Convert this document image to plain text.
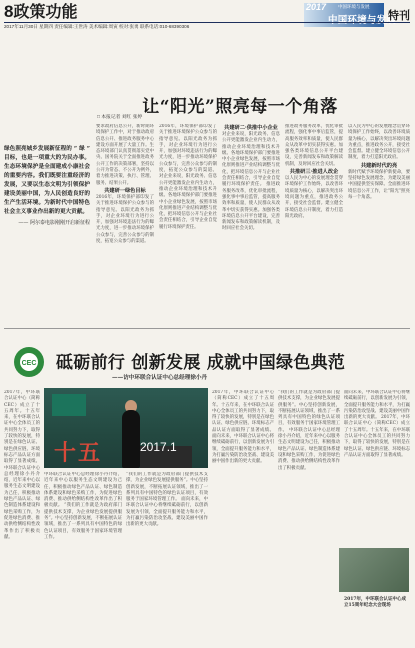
8政策功能	2017	中国环境与发展
中国环境与发展
特刊
2017年11月30日 星期四 责任编辑:王世涛 美术编辑:周寅 校对:张勇 联系电话:010-68390306

绿色照亮城乡发展新征程的 “ 绿 ” 目标，也是一项重大的为民办事。生态环境保护是全面建成小康社会的重要内容。我们既要注重经济的发展，又要以生态文明为引领保护建设美丽中国，为人民创造良好的生产生活环境。为新时代中国特色社会主义事业作出新的更大贡献。

—— 阿尔泰电影刚刚开启新征程

让“阳光”照亮每一个角落
□ 本报记者 刘红 张婷
要求政府信息公开，新时期环境保护工作中，对于推动政府信息公开、推进政务服务中心建设方面开展了大量工作。生态环境部门认真贯彻落实党中央、国务院关于全面推进政务公开工作的决策部署，坚持以公开为常态、不公开为例外，着力推进决策、执行、管理、服务、结果公开。
共建研一绿色目标
2016年，环境保护部印发了关于推进环境保护公众参与的指导意见。以阳光政务为抓手，对企业环境行为进行公开，加强对环境违法行为的曝光力度，进一步推动环境保护公众参与，完善公众参与的制度，拓宽公众参与的渠道。
2016年，环境保护部印发了关于推进环境保护公众参与的指导意见。以阳光政务为抓手，对企业环境行为进行公开，加强对环境违法行为的曝光力度，进一步推动环境保护公众参与，完善公众参与的制度，拓宽公众参与的渠道。 对企业来说，阳光政务、信息公开更能激发企业内生动力，推动企业环境治理和技术升级。各地环境保护部门要推进中小企业绿色发展，按照市场化原则推进产业结构调整与优化，把环境信息公开与企业社会责任相结合，引导企业自觉履行环境保护责任。
共建研二·供推中小企业
对企业来说，阳光政务、信息公开更能激发企业内生动力，推动企业环境治理和技术升级。各地环境保护部门要推进中小企业绿色发展，按照市场化原则推进产业结构调整与优化，把环境信息公开与企业社会责任相结合，引导企业自觉履行环境保护责任。 推进政务服务改革，优化审批流程，强化事中事后监管，提高服务效率和质量，使人民群众从改革中切实获得实惠。加强各类环境信息公开平台建设，完善新闻发布和政策解读机制，及时回应社会关切。
推进政务服务改革，优化审批流程，强化事中事后监管，提高服务效率和质量，使人民群众从改革中切实获得实惠。加强各类环境信息公开平台建设，完善新闻发布和政策解读机制，及时回应社会关切。
共推研三·推进人改企
以人民为中心的发展理念贯穿环境保护工作始终，以改善环境质量为核心，以解决突出环境问题为重点，推进政务公开，接受社会监督。建立健全环境信息公开制度，着力打造阳光政府。
以人民为中心的发展理念贯穿环境保护工作始终，以改善环境质量为核心，以解决突出环境问题为重点，推进政务公开，接受社会监督。建立健全环境信息公开制度，着力打造阳光政府。
共建新时代的亮
新时代赋予环境保护新使命，要坚持绿色发展理念，为建设美丽中国提供坚实保障。全面推进环境信息公开工作，让“阳光”照亮每一个角落。
CEC	砥砺前行 创新发展 成就中国绿色典范
——访中环联合认证中心总经理徐小丹
2017年，中环联合认证中心（简称CEC）成立了十五周年。十五年来，在中环联合认证中心全体员工的共同努力下，取得了较快的发展，特别是在绿色认证、绿色供应链、环境标志产品认证方面取得了显著成绩。 中环联合认证中心总经理徐小丹介绍，近年来中心以服务生态文明建设为己任，积极推动绿色产品认证、绿色制造体系建设和绿色采购工作，为促进绿色消费、推动供给侧结构性改革作出了积极贡献。
十五	2017.1
中环联合认证中心总经理徐小丹介绍，近年来中心以服务生态文明建设为己任，积极推动绿色产品认证、绿色制造体系建设和绿色采购工作，为促进绿色消费、推动供给侧结构性改革作出了积极贡献。 “我们的工作就是为政府部门提供技术支撑，为企业绿色发展提供服务”。中心坚持创新发展，不断拓展认证领域，推出了一系列具有中国特色的绿色认证项目，有效服务于国家环境管理工作。
“我们的工作就是为政府部门提供技术支撑，为企业绿色发展提供服务”。中心坚持创新发展，不断拓展认证领域，推出了一系列具有中国特色的绿色认证项目，有效服务于国家环境管理工作。 面向未来，中环联合认证中心将继续砥砺前行，以创新发展为引领，全面提升服务能力和水平，为打赢污染防治攻坚战、建设美丽中国作出新的更大贡献。
2017年，中环联合认证中心（简称CEC）成立了十五周年。十五年来，在中环联合认证中心全体员工的共同努力下，取得了较快的发展，特别是在绿色认证、绿色供应链、环境标志产品认证方面取得了显著成绩。 面向未来，中环联合认证中心将继续砥砺前行，以创新发展为引领，全面提升服务能力和水平，为打赢污染防治攻坚战、建设美丽中国作出新的更大贡献。
“我们的工作就是为政府部门提供技术支撑，为企业绿色发展提供服务”。中心坚持创新发展，不断拓展认证领域，推出了一系列具有中国特色的绿色认证项目，有效服务于国家环境管理工作。 中环联合认证中心总经理徐小丹介绍，近年来中心以服务生态文明建设为己任，积极推动绿色产品认证、绿色制造体系建设和绿色采购工作，为促进绿色消费、推动供给侧结构性改革作出了积极贡献。
面向未来，中环联合认证中心将继续砥砺前行，以创新发展为引领，全面提升服务能力和水平，为打赢污染防治攻坚战、建设美丽中国作出新的更大贡献。 2017年，中环联合认证中心（简称CEC）成立了十五周年。十五年来，在中环联合认证中心全体员工的共同努力下，取得了较快的发展，特别是在绿色认证、绿色供应链、环境标志产品认证方面取得了显著成绩。
2017年，中环联合认证中心成立15周年纪念大会现场
